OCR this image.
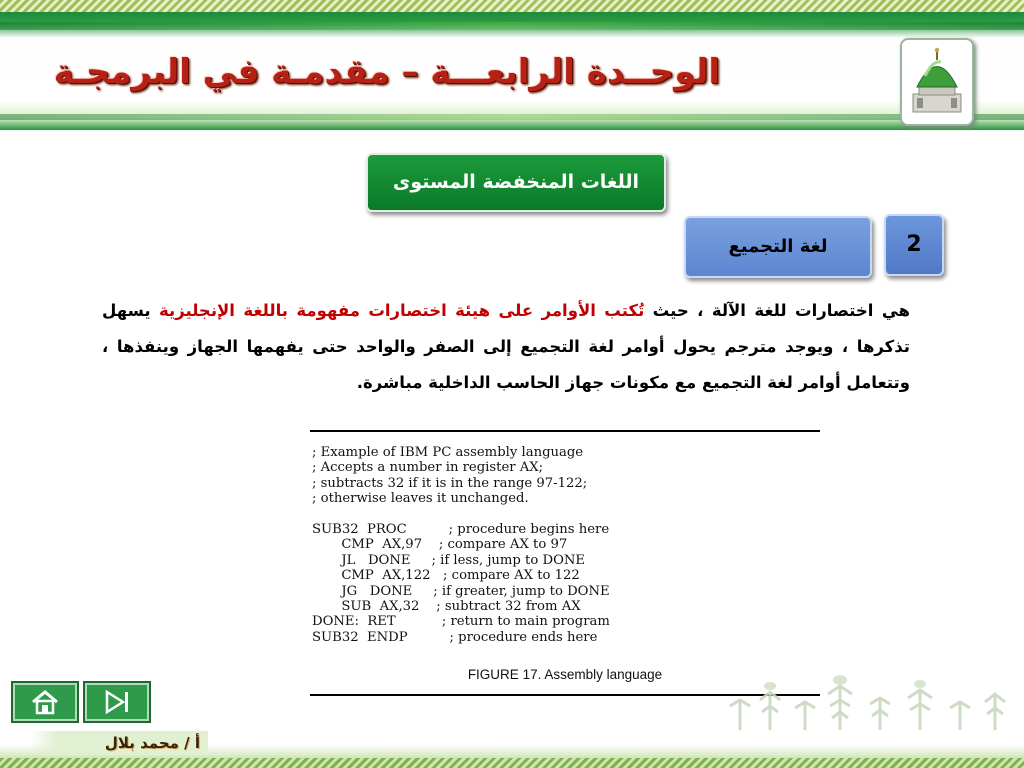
الوحــدة الرابعـــة – مقدمـة في البرمجـة
اللغات المنخفضة المستوى
لغة التجميع	2
هي اختصارات للغة الآلة ، حيث تُكتب الأوامر على هيئة اختصارات مفهومة باللغة الإنجليزية يسهل تذكرها ، ويوجد مترجم يحول أوامر لغة التجميع إلى الصفر والواحد حتى يفهمها الجهاز وينفذها ، وتتعامل أوامر لغة التجميع مع مكونات جهاز الحاسب الداخلية مباشرة.
; Example of IBM PC assembly language
; Accepts a number in register AX;
; subtracts 32 if it is in the range 97-122;
; otherwise leaves it unchanged.

SUB32  PROC          ; procedure begins here
CMP  AX,97    ; compare AX to 97
JL   DONE     ; if less, jump to DONE
CMP  AX,122   ; compare AX to 122
JG   DONE     ; if greater, jump to DONE
SUB  AX,32    ; subtract 32 from AX
DONE:  RET           ; return to main program
SUB32  ENDP          ; procedure ends here
FIGURE 17. Assembly language
أ / محمد بلال
